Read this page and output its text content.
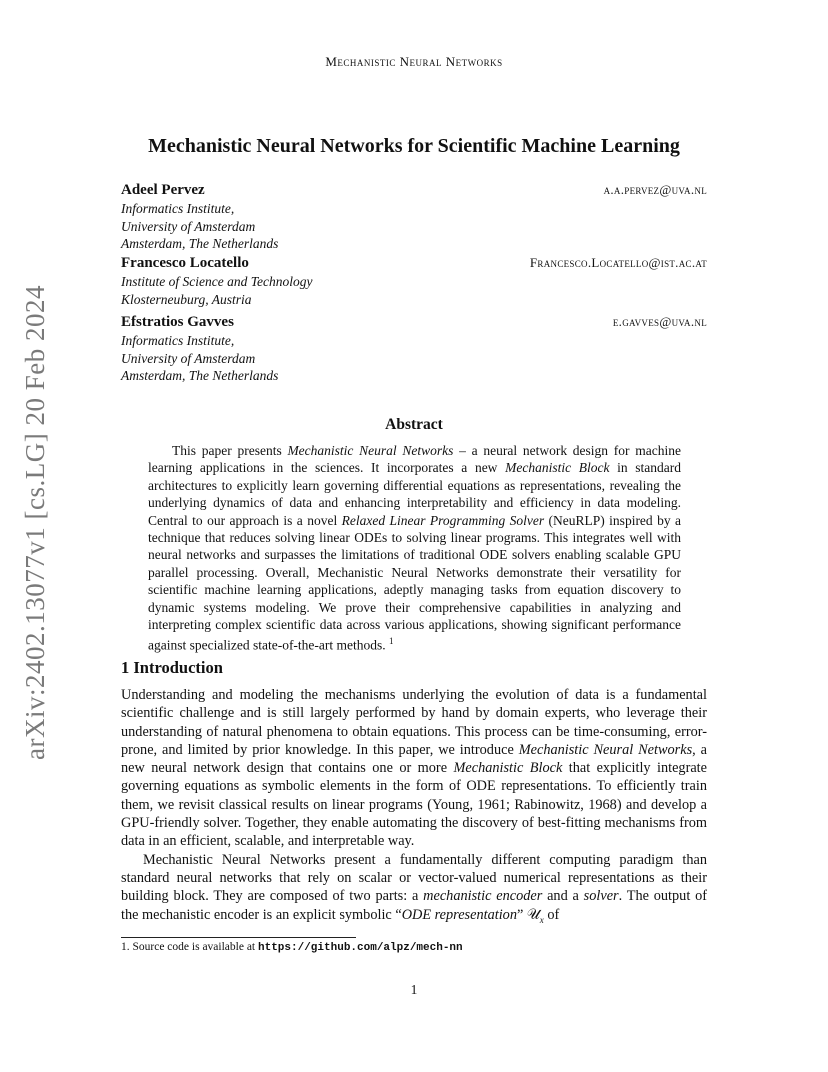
arXiv:2402.13077v1 [cs.LG] 20 Feb 2024
Mechanistic Neural Networks
Mechanistic Neural Networks for Scientific Machine Learning
Adeel Pervez	a.a.pervez@uva.nl
Informatics Institute,
University of Amsterdam
Amsterdam, The Netherlands
Francesco Locatello	Francesco.Locatello@ist.ac.at
Institute of Science and Technology
Klosterneuburg, Austria
Efstratios Gavves	e.gavves@uva.nl
Informatics Institute,
University of Amsterdam
Amsterdam, The Netherlands
Abstract
This paper presents Mechanistic Neural Networks – a neural network design for machine learning applications in the sciences. It incorporates a new Mechanistic Block in standard architectures to explicitly learn governing differential equations as representations, revealing the underlying dynamics of data and enhancing interpretability and efficiency in data modeling. Central to our approach is a novel Relaxed Linear Programming Solver (NeuRLP) inspired by a technique that reduces solving linear ODEs to solving linear programs. This integrates well with neural networks and surpasses the limitations of traditional ODE solvers enabling scalable GPU parallel processing. Overall, Mechanistic Neural Networks demonstrate their versatility for scientific machine learning applications, adeptly managing tasks from equation discovery to dynamic systems modeling. We prove their comprehensive capabilities in analyzing and interpreting complex scientific data across various applications, showing significant performance against specialized state-of-the-art methods. $^1$
1 Introduction

Understanding and modeling the mechanisms underlying the evolution of data is a fundamental scientific challenge and is still largely performed by hand by domain experts, who leverage their understanding of natural phenomena to obtain equations. This process can be time-consuming, error-prone, and limited by prior knowledge. In this paper, we introduce Mechanistic Neural Networks, a new neural network design that contains one or more Mechanistic Block that explicitly integrate governing equations as symbolic elements in the form of ODE representations. To efficiently train them, we revisit classical results on linear programs (Young, 1961; Rabinowitz, 1968) and develop a GPU-friendly solver. Together, they enable automating the discovery of best-fitting mechanisms from data in an efficient, scalable, and interpretable way.

Mechanistic Neural Networks present a fundamentally different computing paradigm than standard neural networks that rely on scalar or vector-valued numerical representations as their building block. They are composed of two parts: a mechanistic encoder and a solver. The output of the mechanistic encoder is an explicit symbolic “ODE representation” 𝒰$_x$ of

1. Source code is available at https://github.com/alpz/mech-nn
1
